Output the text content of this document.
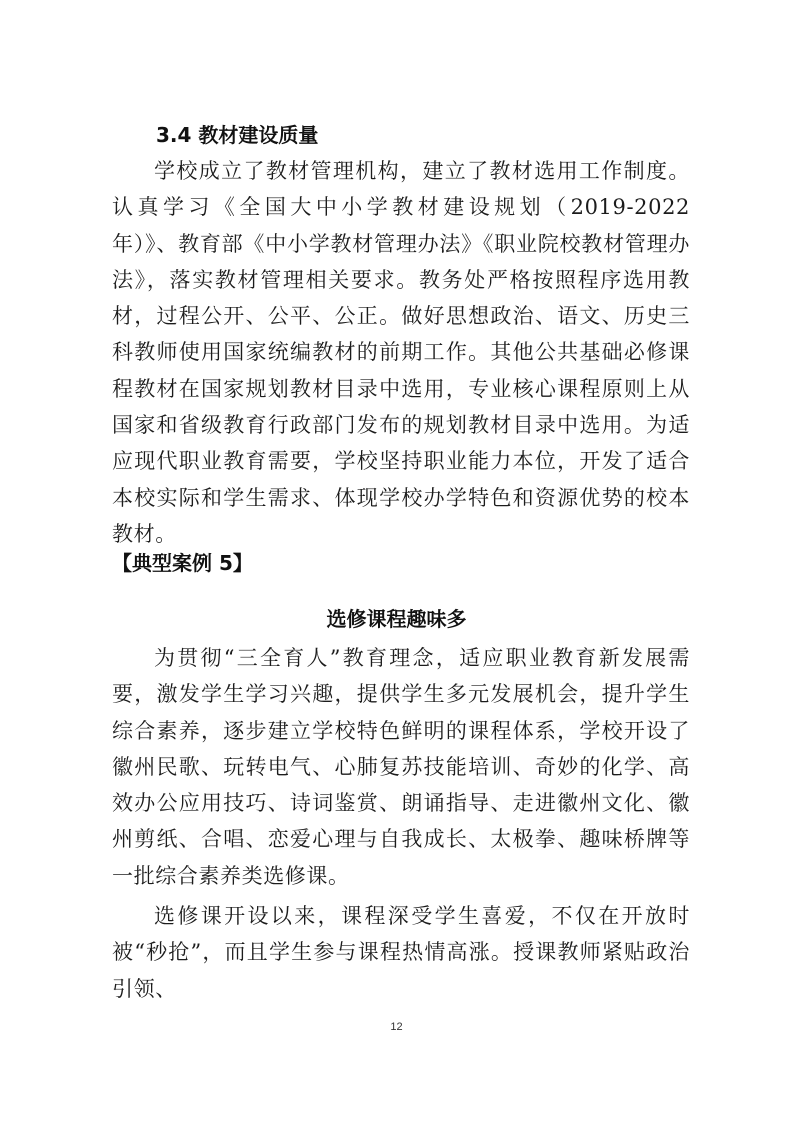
3.4 教材建设质量

学校成立了教材管理机构，建立了教材选用工作制度。认真学习《全国大中小学教材建设规划（2019-2022 年）》、教育部《中小学教材管理办法》《职业院校教材管理办法》，落实教材管理相关要求。教务处严格按照程序选用教材，过程公开、公平、公正。做好思想政治、语文、历史三科教师使用国家统编教材的前期工作。其他公共基础必修课程教材在国家规划教材目录中选用，专业核心课程原则上从国家和省级教育行政部门发布的规划教材目录中选用。为适应现代职业教育需要，学校坚持职业能力本位，开发了适合本校实际和学生需求、体现学校办学特色和资源优势的校本教材。

【典型案例 5】
选修课程趣味多

为贯彻“三全育人”教育理念，适应职业教育新发展需要，激发学生学习兴趣，提供学生多元发展机会，提升学生综合素养，逐步建立学校特色鲜明的课程体系，学校开设了徽州民歌、玩转电气、心肺复苏技能培训、奇妙的化学、高效办公应用技巧、诗词鉴赏、朗诵指导、走进徽州文化、徽州剪纸、合唱、恋爱心理与自我成长、太极拳、趣味桥牌等一批综合素养类选修课。

选修课开设以来，课程深受学生喜爱，不仅在开放时被“秒抢”，而且学生参与课程热情高涨。授课教师紧贴政治引领、

12
